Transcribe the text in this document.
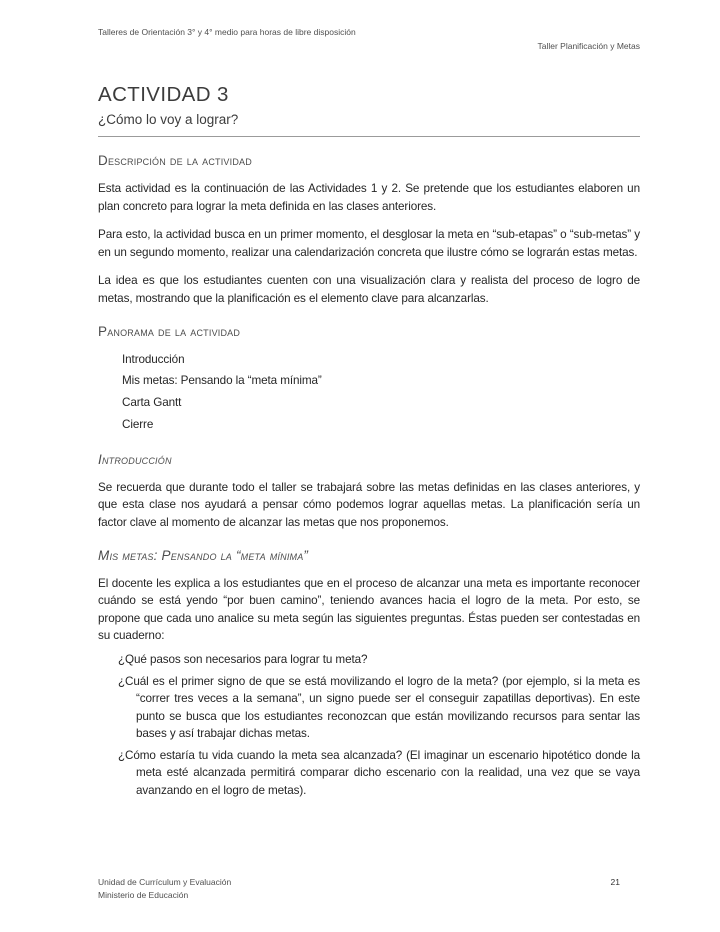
Talleres de Orientación 3° y 4° medio para horas de libre disposición
Taller Planificación y Metas
ACTIVIDAD 3
¿Cómo lo voy a lograr?
Descripción de la actividad

Esta actividad es la continuación de las Actividades 1 y 2. Se pretende que los estudiantes elaboren un plan concreto para lograr la meta definida en las clases anteriores.

Para esto, la actividad busca en un primer momento, el desglosar la meta en “sub-etapas” o “sub-metas” y en un segundo momento, realizar una calendarización concreta que ilustre cómo se lograrán estas metas.

La idea es que los estudiantes cuenten con una visualización clara y realista del proceso de logro de metas, mostrando que la planificación es el elemento clave para alcanzarlas.

Panorama de la actividad
Introducción
Mis metas: Pensando la “meta mínima”
Carta Gantt
Cierre
Introducción

Se recuerda que durante todo el taller se trabajará sobre las metas definidas en las clases anteriores, y que esta clase nos ayudará a pensar cómo podemos lograr aquellas metas. La planificación sería un factor clave al momento de alcanzar las metas que nos proponemos.

Mis metas: Pensando la “meta mínima”

El docente les explica a los estudiantes que en el proceso de alcanzar una meta es importante reconocer cuándo se está yendo “por buen camino”, teniendo avances hacia el logro de la meta. Por esto, se propone que cada uno analice su meta según las siguientes preguntas. Éstas pueden ser contestadas en su cuaderno:

¿Qué pasos son necesarios para lograr tu meta?
¿Cuál es el primer signo de que se está movilizando el logro de la meta? (por ejemplo, si la meta es “correr tres veces a la semana”, un signo puede ser el conseguir zapatillas deportivas). En este punto se busca que los estudiantes reconozcan que están movilizando recursos para sentar las bases y así trabajar dichas metas.
¿Cómo estaría tu vida cuando la meta sea alcanzada? (El imaginar un escenario hipotético donde la meta esté alcanzada permitirá comparar dicho escenario con la realidad, una vez que se vaya avanzando en el logro de metas).
Unidad de Currículum y Evaluación
Ministerio de Educación
21
